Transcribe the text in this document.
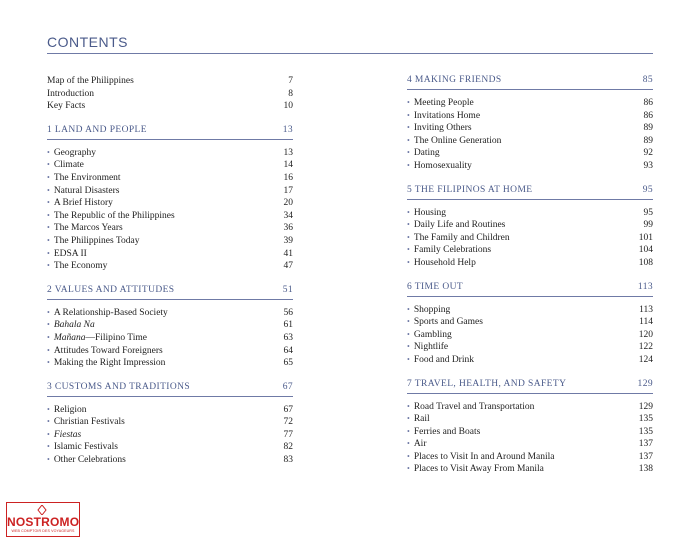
CONTENTS
Map of the Philippines	7
Introduction	8
Key Facts	10
1 LAND AND PEOPLE	13
• Geography	13
• Climate	14
• The Environment	16
• Natural Disasters	17
• A Brief History	20
• The Republic of the Philippines	34
• The Marcos Years	36
• The Philippines Today	39
• EDSA II	41
• The Economy	47
2 VALUES AND ATTITUDES	51
• A Relationship-Based Society	56
• Bahala Na	61
• Mañana—Filipino Time	63
• Attitudes Toward Foreigners	64
• Making the Right Impression	65
3 CUSTOMS AND TRADITIONS	67
• Religion	67
• Christian Festivals	72
• Fiestas	77
• Islamic Festivals	82
• Other Celebrations	83
4 MAKING FRIENDS	85
• Meeting People	86
• Invitations Home	86
• Inviting Others	89
• The Online Generation	89
• Dating	92
• Homosexuality	93
5 THE FILIPINOS AT HOME	95
• Housing	95
• Daily Life and Routines	99
• The Family and Children	101
• Family Celebrations	104
• Household Help	108
6 TIME OUT	113
• Shopping	113
• Sports and Games	114
• Gambling	120
• Nightlife	122
• Food and Drink	124
7 TRAVEL, HEALTH, AND SAFETY	129
• Road Travel and Transportation	129
• Rail	135
• Ferries and Boats	135
• Air	137
• Places to Visit In and Around Manila	137
• Places to Visit Away From Manila	138
NOSTROMO
WEB COMPTOIR DES VOYAGEURS
